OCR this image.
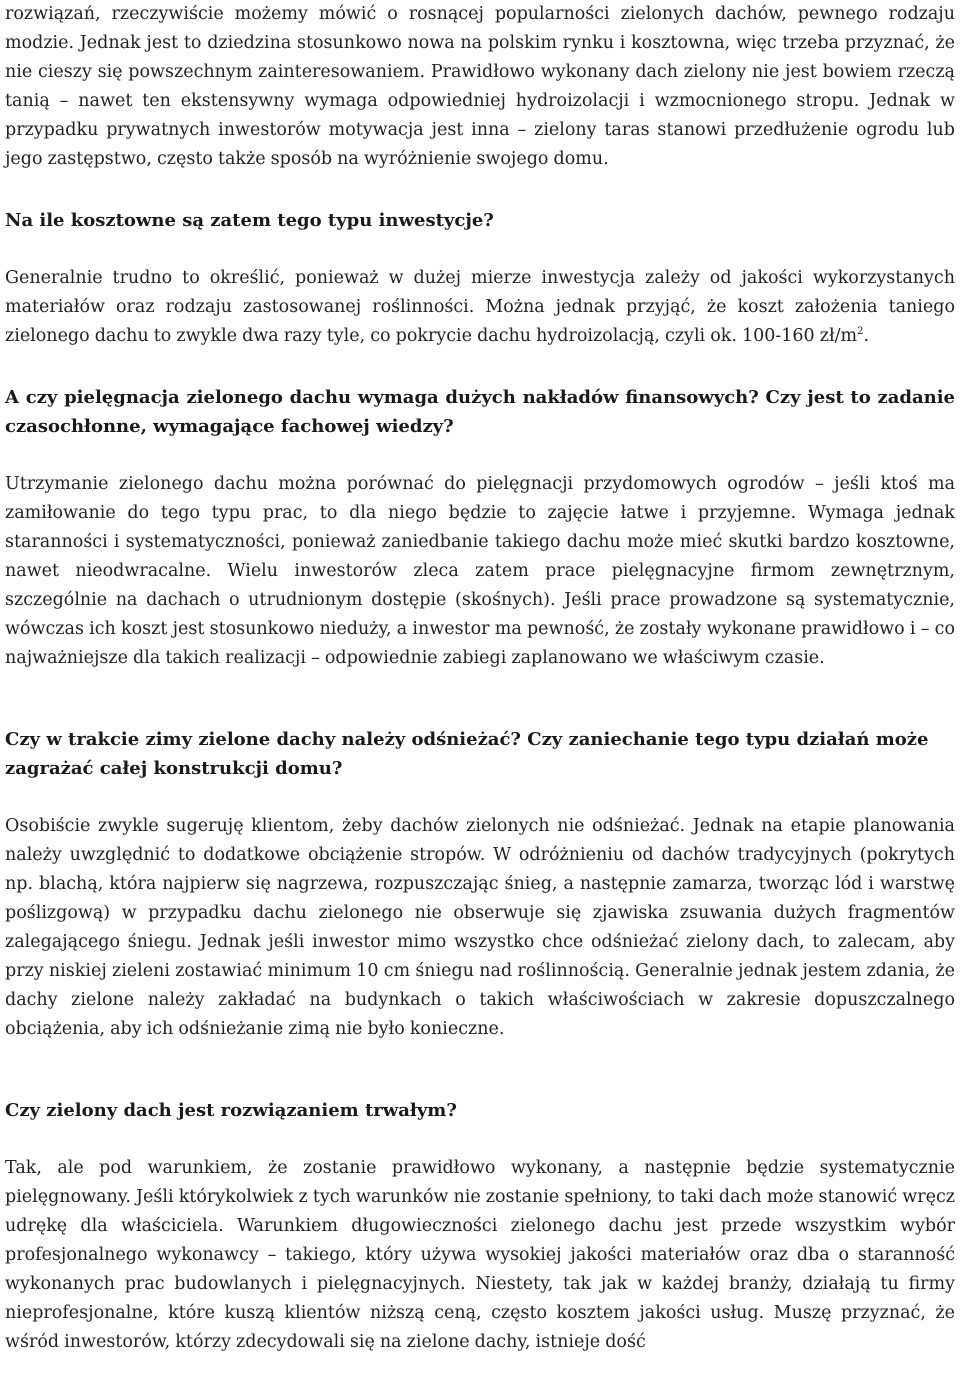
rozwiązań, rzeczywiście możemy mówić o rosnącej popularności zielonych dachów, pewnego rodzaju modzie. Jednak jest to dziedzina stosunkowo nowa na polskim rynku i kosztowna, więc trzeba przyznać, że nie cieszy się powszechnym zainteresowaniem. Prawidłowo wykonany dach zielony nie jest bowiem rzeczą tanią – nawet ten ekstensywny wymaga odpowiedniej hydroizolacji i wzmocnionego stropu. Jednak w przypadku prywatnych inwestorów motywacja jest inna – zielony taras stanowi przedłużenie ogrodu lub jego zastępstwo, często także sposób na wyróżnienie swojego domu.

Na ile kosztowne są zatem tego typu inwestycje?

Generalnie trudno to określić, ponieważ w dużej mierze inwestycja zależy od jakości wykorzystanych materiałów oraz rodzaju zastosowanej roślinności. Można jednak przyjąć, że koszt założenia taniego zielonego dachu to zwykle dwa razy tyle, co pokrycie dachu hydroizolacją, czyli ok. 100-160 $zł/m^2$.

A czy pielęgnacja zielonego dachu wymaga dużych nakładów finansowych? Czy jest to zadanie czasochłonne, wymagające fachowej wiedzy?

Utrzymanie zielonego dachu można porównać do pielęgnacji przydomowych ogrodów – jeśli ktoś ma zamiłowanie do tego typu prac, to dla niego będzie to zajęcie łatwe i przyjemne. Wymaga jednak staranności i systematyczności, ponieważ zaniedbanie takiego dachu może mieć skutki bardzo kosztowne, nawet nieodwracalne. Wielu inwestorów zleca zatem prace pielęgnacyjne firmom zewnętrznym, szczególnie na dachach o utrudnionym dostępie (skośnych). Jeśli prace prowadzone są systematycznie, wówczas ich koszt jest stosunkowo nieduży, a inwestor ma pewność, że zostały wykonane prawidłowo i – co najważniejsze dla takich realizacji – odpowiednie zabiegi zaplanowano we właściwym czasie.

Czy w trakcie zimy zielone dachy należy odśnieżać? Czy zaniechanie tego typu działań może zagrażać całej konstrukcji domu?

Osobiście zwykle sugeruję klientom, żeby dachów zielonych nie odśnieżać. Jednak na etapie planowania należy uwzględnić to dodatkowe obciążenie stropów. W odróżnieniu od dachów tradycyjnych (pokrytych np. blachą, która najpierw się nagrzewa, rozpuszczając śnieg, a następnie zamarza, tworząc lód i warstwę poślizgową) w przypadku dachu zielonego nie obserwuje się zjawiska zsuwania dużych fragmentów zalegającego śniegu. Jednak jeśli inwestor mimo wszystko chce odśnieżać zielony dach, to zalecam, aby przy niskiej zieleni zostawiać minimum 10 cm śniegu nad roślinnością. Generalnie jednak jestem zdania, że dachy zielone należy zakładać na budynkach o takich właściwościach w zakresie dopuszczalnego obciążenia, aby ich odśnieżanie zimą nie było konieczne.

Czy zielony dach jest rozwiązaniem trwałym?

Tak, ale pod warunkiem, że zostanie prawidłowo wykonany, a następnie będzie systematycznie pielęgnowany. Jeśli którykolwiek z tych warunków nie zostanie spełniony, to taki dach może stanowić wręcz udrękę dla właściciela. Warunkiem długowieczności zielonego dachu jest przede wszystkim wybór profesjonalnego wykonawcy – takiego, który używa wysokiej jakości materiałów oraz dba o staranność wykonanych prac budowlanych i pielęgnacyjnych. Niestety, tak jak w każdej branży, działają tu firmy nieprofesjonalne, które kuszą klientów niższą ceną, często kosztem jakości usług. Muszę przyznać, że wśród inwestorów, którzy zdecydowali się na zielone dachy, istnieje dość
